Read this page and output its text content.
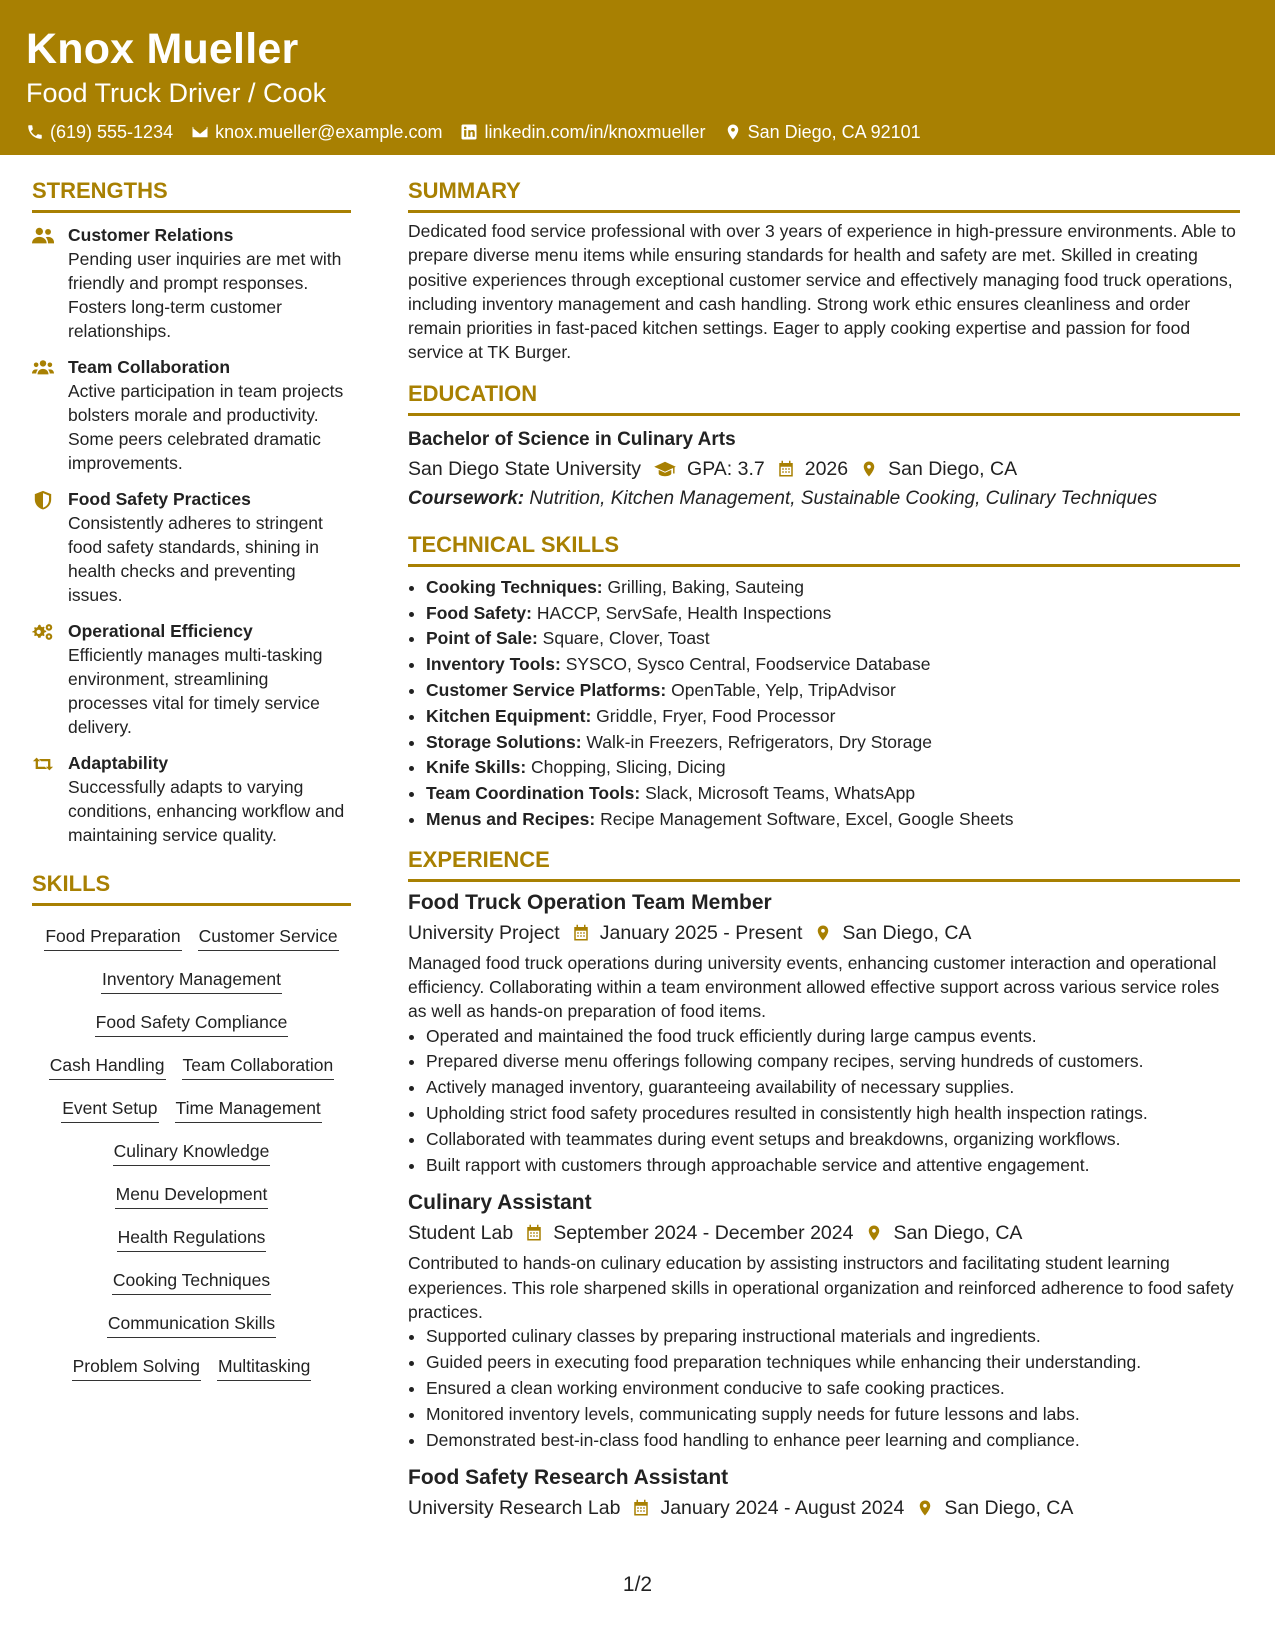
Knox Mueller
Food Truck Driver / Cook
(619) 555-1234 knox.mueller@example.com linkedin.com/in/knoxmueller San Diego, CA 92101
STRENGTHS
Customer Relations
Pending user inquiries are met with friendly and prompt responses. Fosters long-term customer relationships.
Team Collaboration
Active participation in team projects bolsters morale and productivity. Some peers celebrated dramatic improvements.
Food Safety Practices
Consistently adheres to stringent food safety standards, shining in health checks and preventing issues.
Operational Efficiency
Efficiently manages multi-tasking environment, streamlining processes vital for timely service delivery.
Adaptability
Successfully adapts to varying conditions, enhancing workflow and maintaining service quality.
SKILLS
Food Preparation Customer Service
Inventory Management
Food Safety Compliance
Cash Handling Team Collaboration
Event Setup Time Management
Culinary Knowledge
Menu Development
Health Regulations
Cooking Techniques
Communication Skills
Problem Solving Multitasking
SUMMARY
Dedicated food service professional with over 3 years of experience in high-pressure environments. Able to prepare diverse menu items while ensuring standards for health and safety are met. Skilled in creating positive experiences through exceptional customer service and effectively managing food truck operations, including inventory management and cash handling. Strong work ethic ensures cleanliness and order remain priorities in fast-paced kitchen settings. Eager to apply cooking expertise and passion for food service at TK Burger.
EDUCATION
Bachelor of Science in Culinary Arts
San Diego State University GPA: 3.7 2026 San Diego, CA
Coursework: Nutrition, Kitchen Management, Sustainable Cooking, Culinary Techniques
TECHNICAL SKILLS
• Cooking Techniques: Grilling, Baking, Sauteing
• Food Safety: HACCP, ServSafe, Health Inspections
• Point of Sale: Square, Clover, Toast
• Inventory Tools: SYSCO, Sysco Central, Foodservice Database
• Customer Service Platforms: OpenTable, Yelp, TripAdvisor
• Kitchen Equipment: Griddle, Fryer, Food Processor
• Storage Solutions: Walk-in Freezers, Refrigerators, Dry Storage
• Knife Skills: Chopping, Slicing, Dicing
• Team Coordination Tools: Slack, Microsoft Teams, WhatsApp
• Menus and Recipes: Recipe Management Software, Excel, Google Sheets
EXPERIENCE
Food Truck Operation Team Member
University Project January 2025 - Present San Diego, CA
Managed food truck operations during university events, enhancing customer interaction and operational efficiency. Collaborating within a team environment allowed effective support across various service roles as well as hands-on preparation of food items.
• Operated and maintained the food truck efficiently during large campus events.
• Prepared diverse menu offerings following company recipes, serving hundreds of customers.
• Actively managed inventory, guaranteeing availability of necessary supplies.
• Upholding strict food safety procedures resulted in consistently high health inspection ratings.
• Collaborated with teammates during event setups and breakdowns, organizing workflows.
• Built rapport with customers through approachable service and attentive engagement.
Culinary Assistant
Student Lab September 2024 - December 2024 San Diego, CA
Contributed to hands-on culinary education by assisting instructors and facilitating student learning experiences. This role sharpened skills in operational organization and reinforced adherence to food safety practices.
• Supported culinary classes by preparing instructional materials and ingredients.
• Guided peers in executing food preparation techniques while enhancing their understanding.
• Ensured a clean working environment conducive to safe cooking practices.
• Monitored inventory levels, communicating supply needs for future lessons and labs.
• Demonstrated best-in-class food handling to enhance peer learning and compliance.
Food Safety Research Assistant
University Research Lab January 2024 - August 2024 San Diego, CA
1/2
